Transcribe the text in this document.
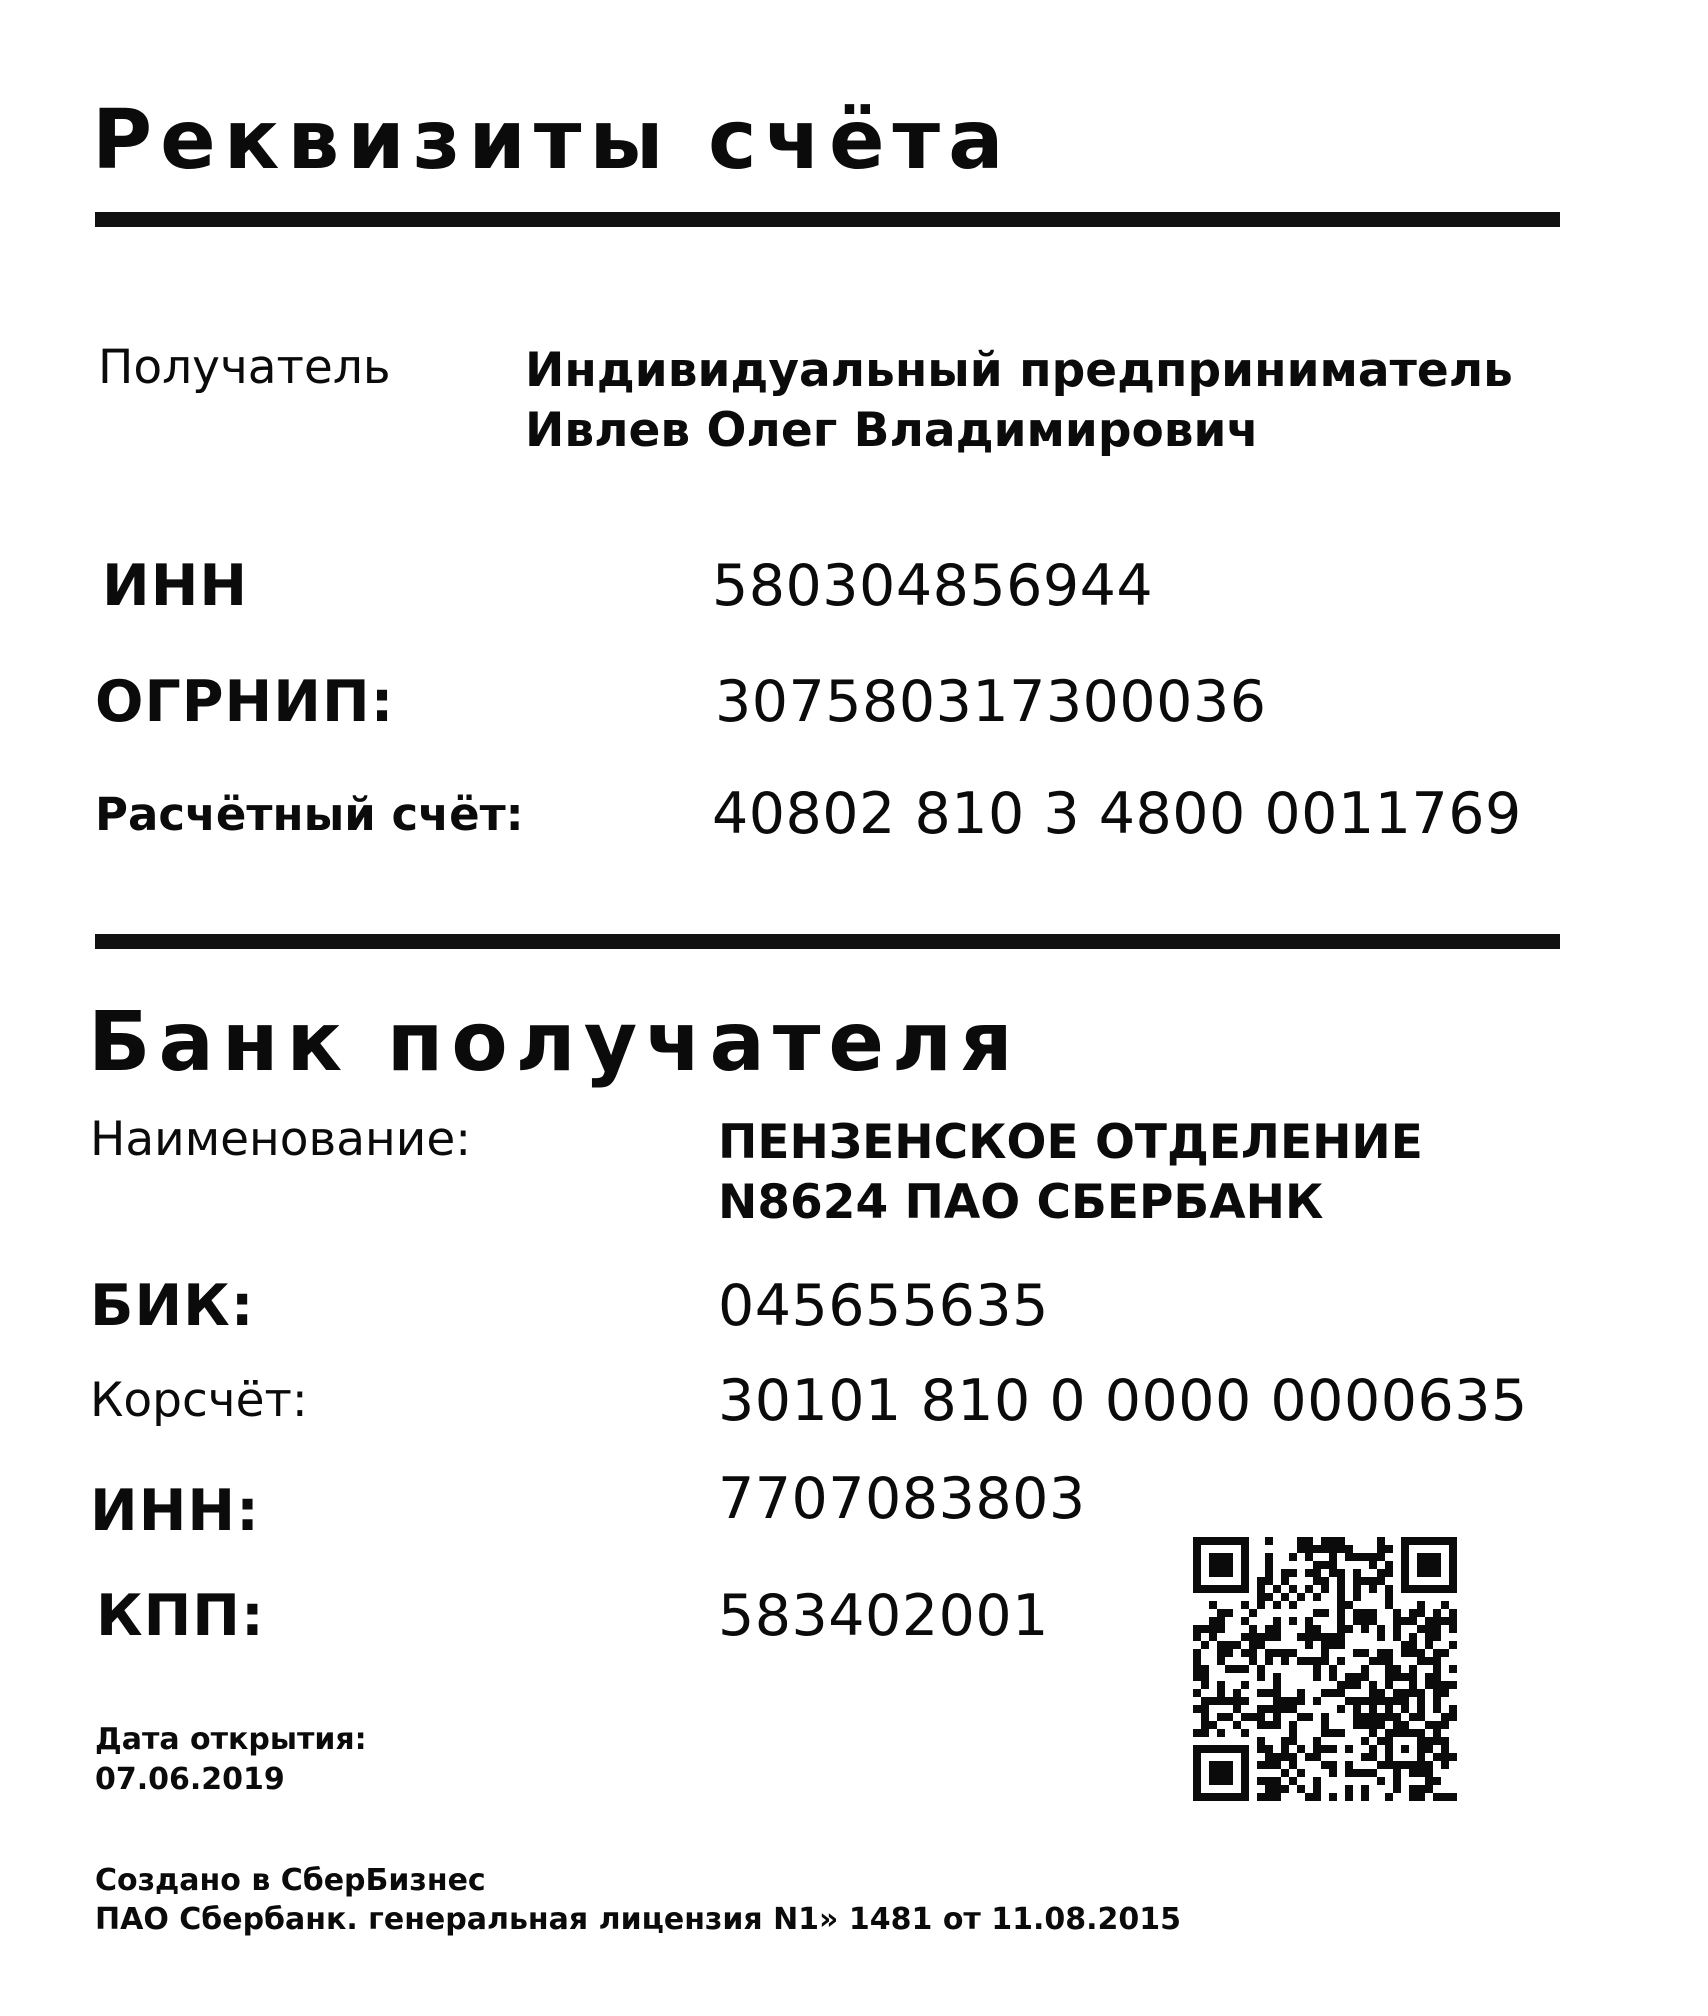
Реквизиты счёта
Получатель	Индивидуальный предприниматель
Ивлев Олег Владимирович
ИНН	580304856944
ОГРНИП:	307580317300036
Расчётный счёт:	40802 810 3 4800 0011769
Банк получателя
Наименование:	ПЕНЗЕНСКОЕ ОТДЕЛЕНИЕ
N8624 ПАО СБЕРБАНК
БИК:	045655635
Корсчёт:	30101 810 0 0000 0000635
ИНН:	7707083803
КПП:	583402001
Дата открытия:
07.06.2019
Создано в СберБизнес
ПАО Сбербанк. генеральная лицензия N1» 1481 от 11.08.2015
